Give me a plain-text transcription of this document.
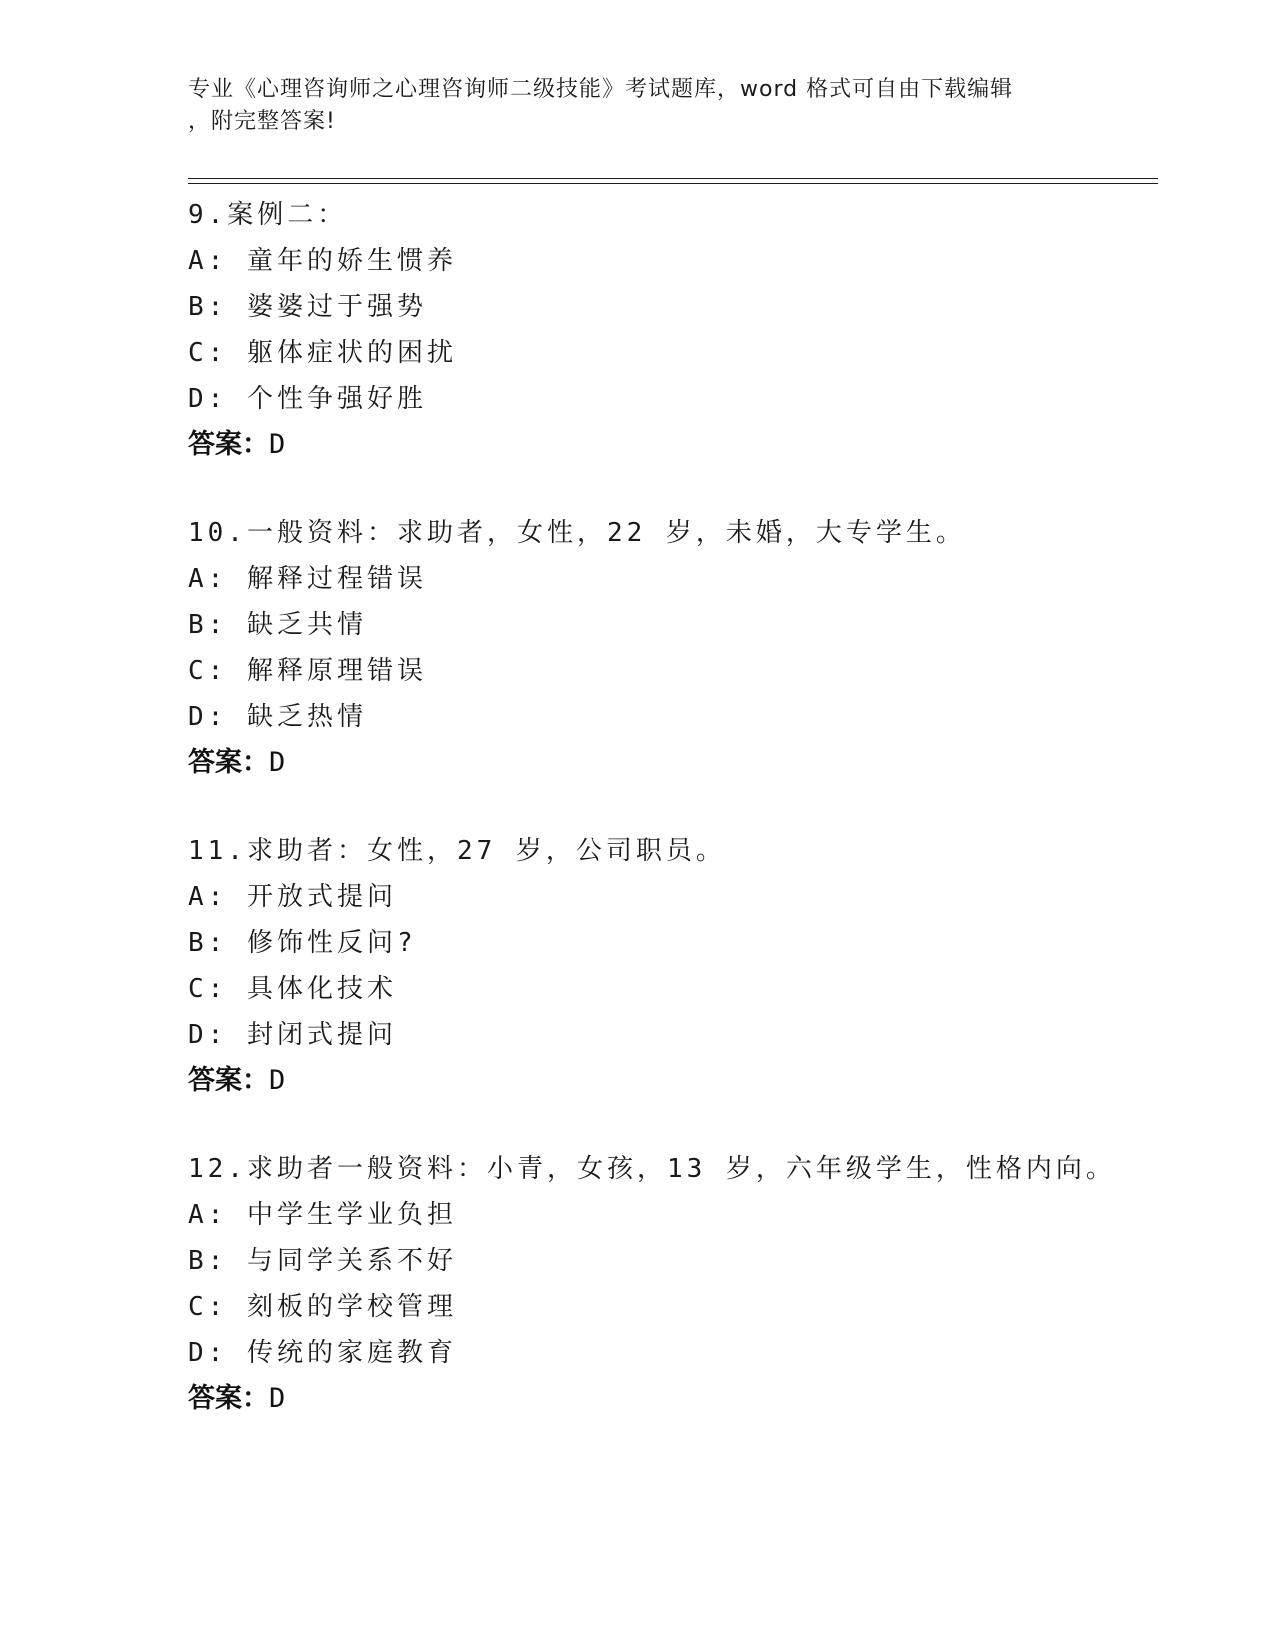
专业《心理咨询师之心理咨询师二级技能》考试题库，word 格式可自由下载编辑
，附完整答案!
9.案例二：
A: 童年的娇生惯养
B: 婆婆过于强势
C: 躯体症状的困扰
D: 个性争强好胜
答案：D
10.一般资料：求助者，女性，22 岁，未婚，大专学生。
A: 解释过程错误
B: 缺乏共情
C: 解释原理错误
D: 缺乏热情
答案：D
11.求助者：女性，27 岁，公司职员。
A: 开放式提问
B: 修饰性反问?
C: 具体化技术
D: 封闭式提问
答案：D
12.求助者一般资料：小青，女孩，13 岁，六年级学生，性格内向。
A: 中学生学业负担
B: 与同学关系不好
C: 刻板的学校管理
D: 传统的家庭教育
答案：D
